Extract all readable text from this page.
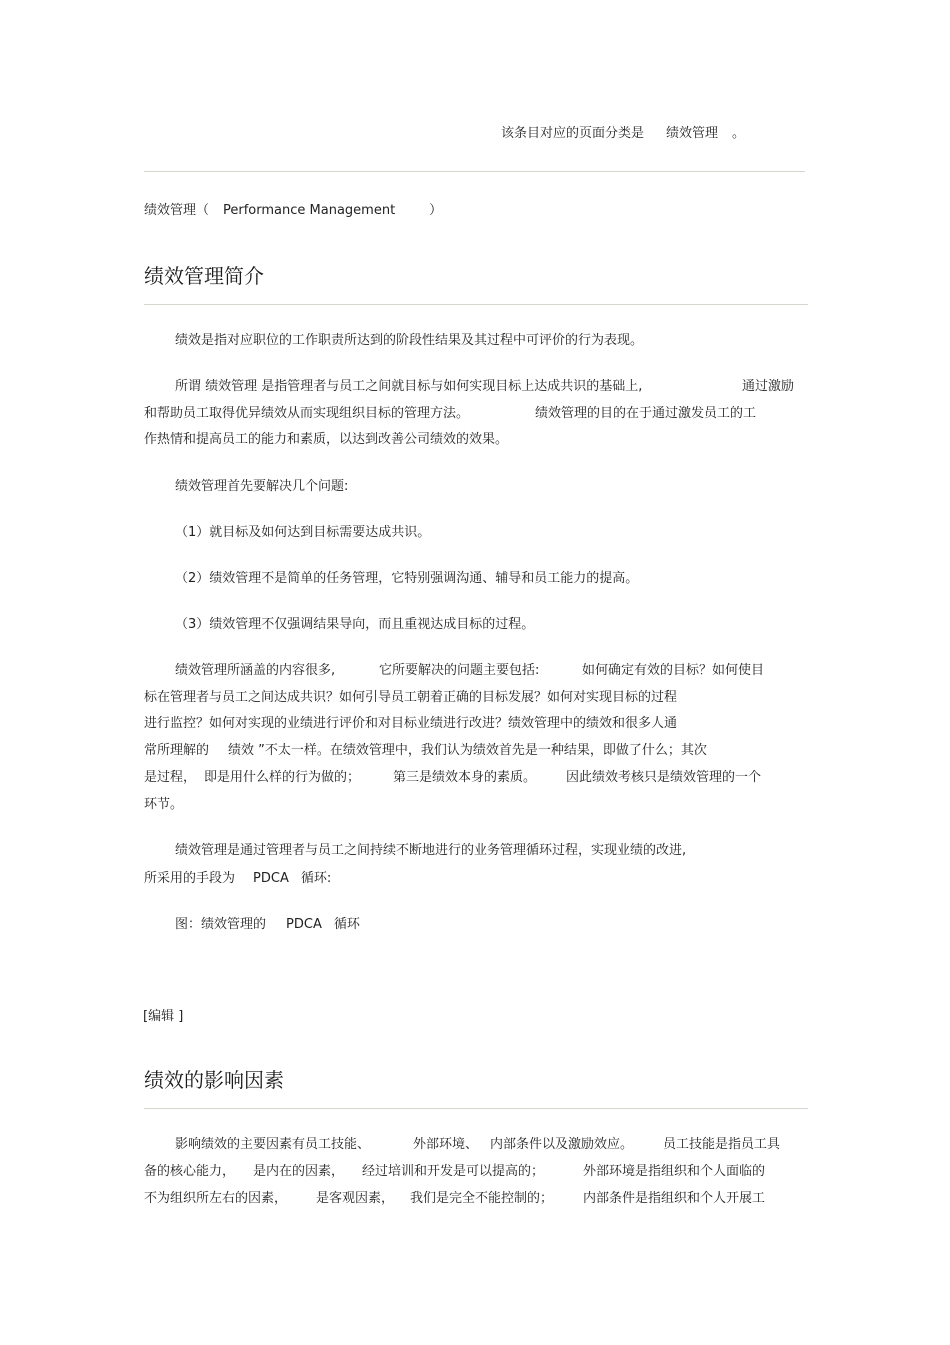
该条目对应的页面分类是 绩效管理 。
绩效管理（ Performance Management	）
绩效管理简介
绩效是指对应职位的工作职责所达到的阶段性结果及其过程中可评价的行为表现。
所谓 绩效管理 是指管理者与员工之间就目标与如何实现目标上达成共识的基础上,	通过激励
和帮助员工取得优异绩效从而实现组织目标的管理方法。	绩效管理的目的在于通过激发员工的工
作热情和提高员工的能力和素质，以达到改善公司绩效的效果。
绩效管理首先要解决几个问题:
（1）就目标及如何达到目标需要达成共识。
（2）绩效管理不是简单的任务管理，它特别强调沟通、辅导和员工能力的提高。
（3）绩效管理不仅强调结果导向，而且重视达成目标的过程。
绩效管理所涵盖的内容很多,	它所要解决的问题主要包括:	如何确定有效的目标？如何使目
标在管理者与员工之间达成共识？如何引导员工朝着正确的目标发展？如何对实现目标的过程
进行监控？如何对实现的业绩进行评价和对目标业绩进行改进？绩效管理中的绩效和很多人通
常所理解的 绩效 ”不太一样。在绩效管理中，我们认为绩效首先是一种结果，即做了什么；其次
是过程， 即是用什么样的行为做的；	第三是绩效本身的素质。 因此绩效考核只是绩效管理的一个
环节。
绩效管理是通过管理者与员工之间持续不断地进行的业务管理循环过程，实现业绩的改进,
所采用的手段为 PDCA 循环:
图：绩效管理的 PDCA 循环
[编辑 ]
绩效的影响因素
影响绩效的主要因素有员工技能、	外部环境、 内部条件以及激励效应。 员工技能是指员工具
备的核心能力， 是内在的因素， 经过培训和开发是可以提高的；	外部环境是指组织和个人面临的
不为组织所左右的因素， 是客观因素， 我们是完全不能控制的； 内部条件是指组织和个人开展工
